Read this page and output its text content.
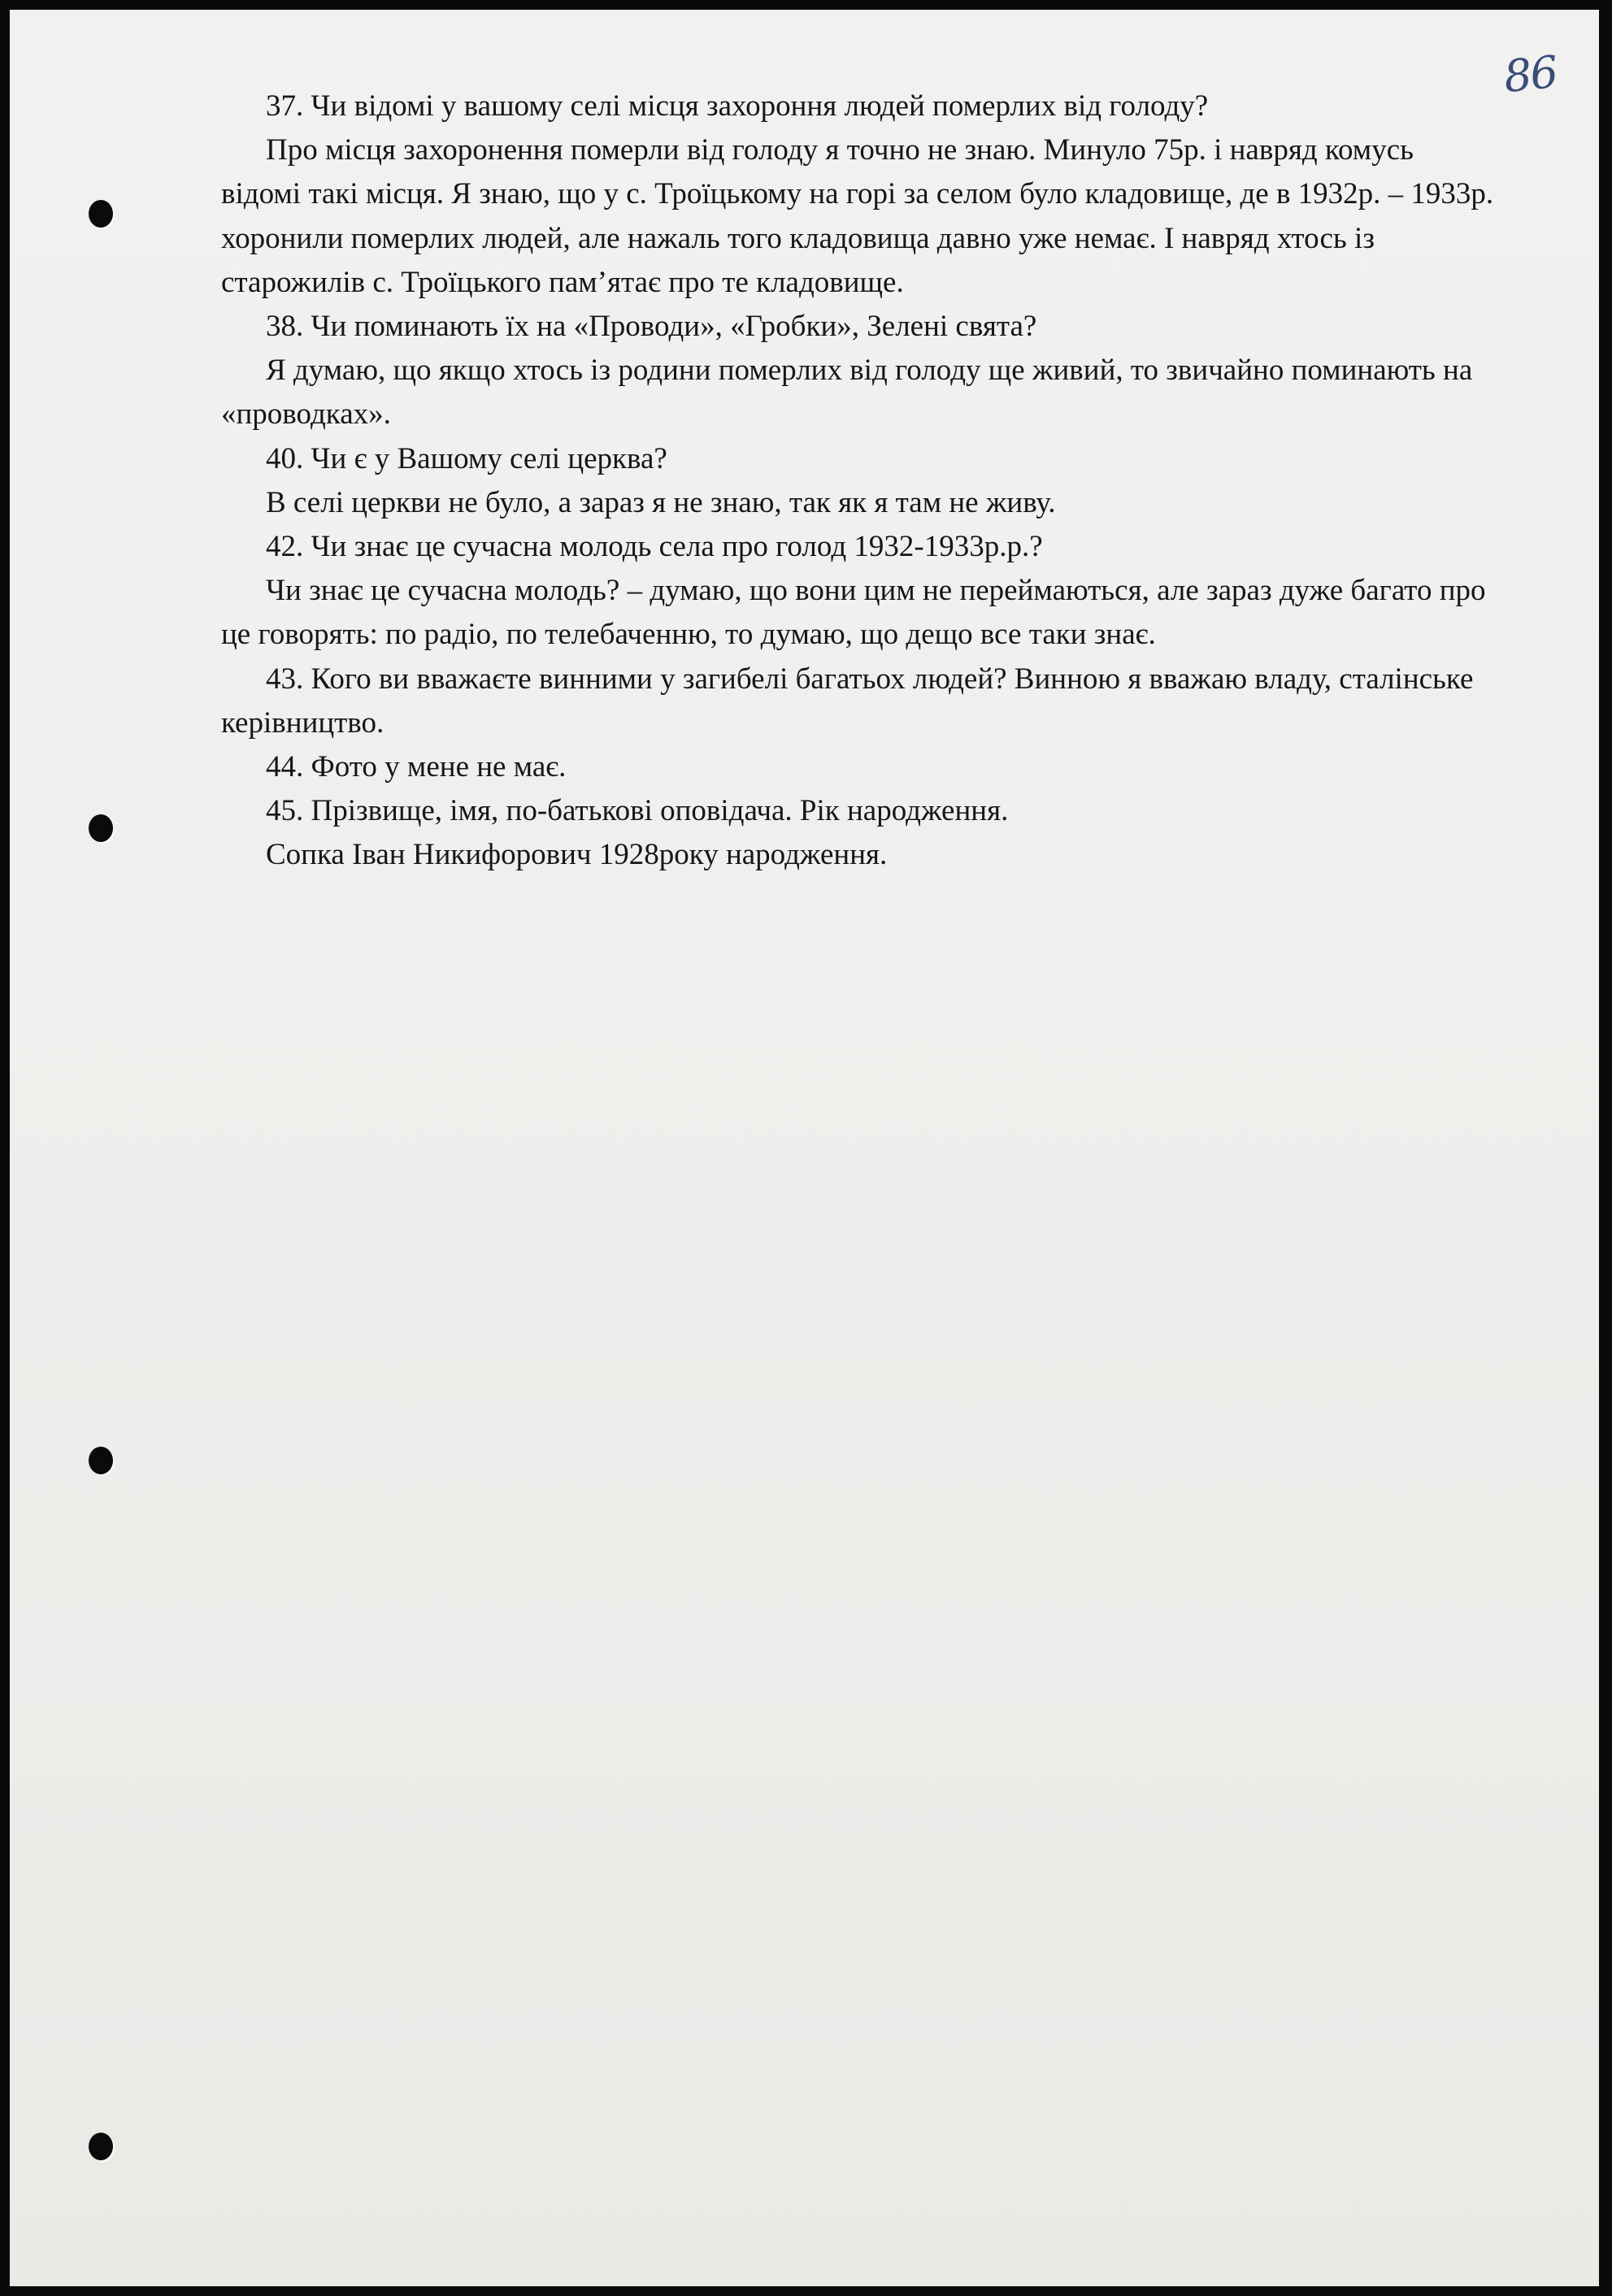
86

37. Чи відомі у вашому селі місця захороння людей померлих від голоду?

Про місця захоронення померли від голоду я точно не знаю. Минуло 75р. і навряд комусь відомі такі місця. Я знаю, що у с. Троїцькому на горі за селом було кладовище, де в 1932р. – 1933р. хоронили померлих людей, але нажаль того кладовища давно уже немає. І навряд хтось із старожилів с. Троїцького пам’ятає про те кладовище.

38. Чи поминають їх на «Проводи», «Гробки», Зелені свята?

Я думаю, що якщо хтось із родини померлих від голоду ще живий, то звичайно поминають на «проводках».

40. Чи є у Вашому селі церква?

В селі церкви не було, а зараз я не знаю, так як я там не живу.

42. Чи знає це сучасна молодь села про голод 1932-1933р.р.?

Чи знає це сучасна молодь? – думаю, що вони цим не переймаються, але зараз дуже багато про це говорять: по радіо, по телебаченню, то думаю, що дещо все таки знає.

43. Кого ви вважаєте винними у загибелі багатьох людей? Винною я вважаю владу, сталінське керівництво.

44. Фото у мене не має.

45. Прізвище, імя, по-батькові оповідача. Рік народження.

Сопка Іван Никифорович 1928року народження.
